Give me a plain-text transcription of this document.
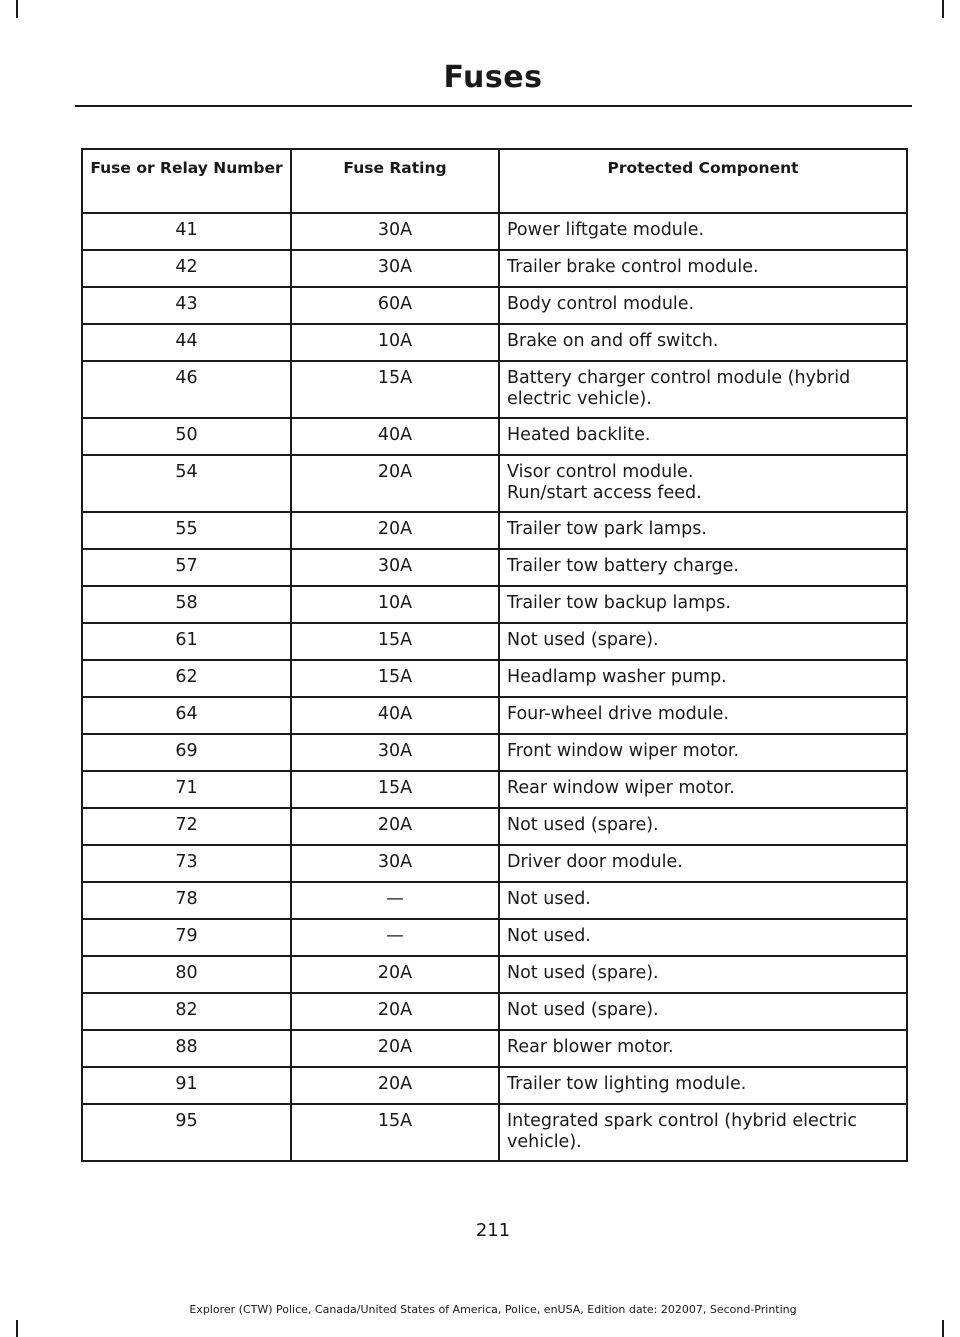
Fuses
Fuse or Relay Number	Fuse Rating	Protected Component
41	30A	Power liftgate module.

42	30A	Trailer brake control module.

43	60A	Body control module.

44	10A	Brake on and off switch.

46	15A	Battery charger control module (hybrid electric vehicle).

50	40A	Heated backlite.

54	20A	Visor control module.
Run/start access feed.

55	20A	Trailer tow park lamps.

57	30A	Trailer tow battery charge.

58	10A	Trailer tow backup lamps.

61	15A	Not used (spare).

62	15A	Headlamp washer pump.

64	40A	Four-wheel drive module.

69	30A	Front window wiper motor.

71	15A	Rear window wiper motor.

72	20A	Not used (spare).

73	30A	Driver door module.

78	—	Not used.

79	—	Not used.

80	20A	Not used (spare).

82	20A	Not used (spare).

88	20A	Rear blower motor.

91	20A	Trailer tow lighting module.

95	15A	Integrated spark control (hybrid electric vehicle).
211
Explorer (CTW) Police, Canada/United States of America, Police, enUSA, Edition date: 202007, Second-Printing
